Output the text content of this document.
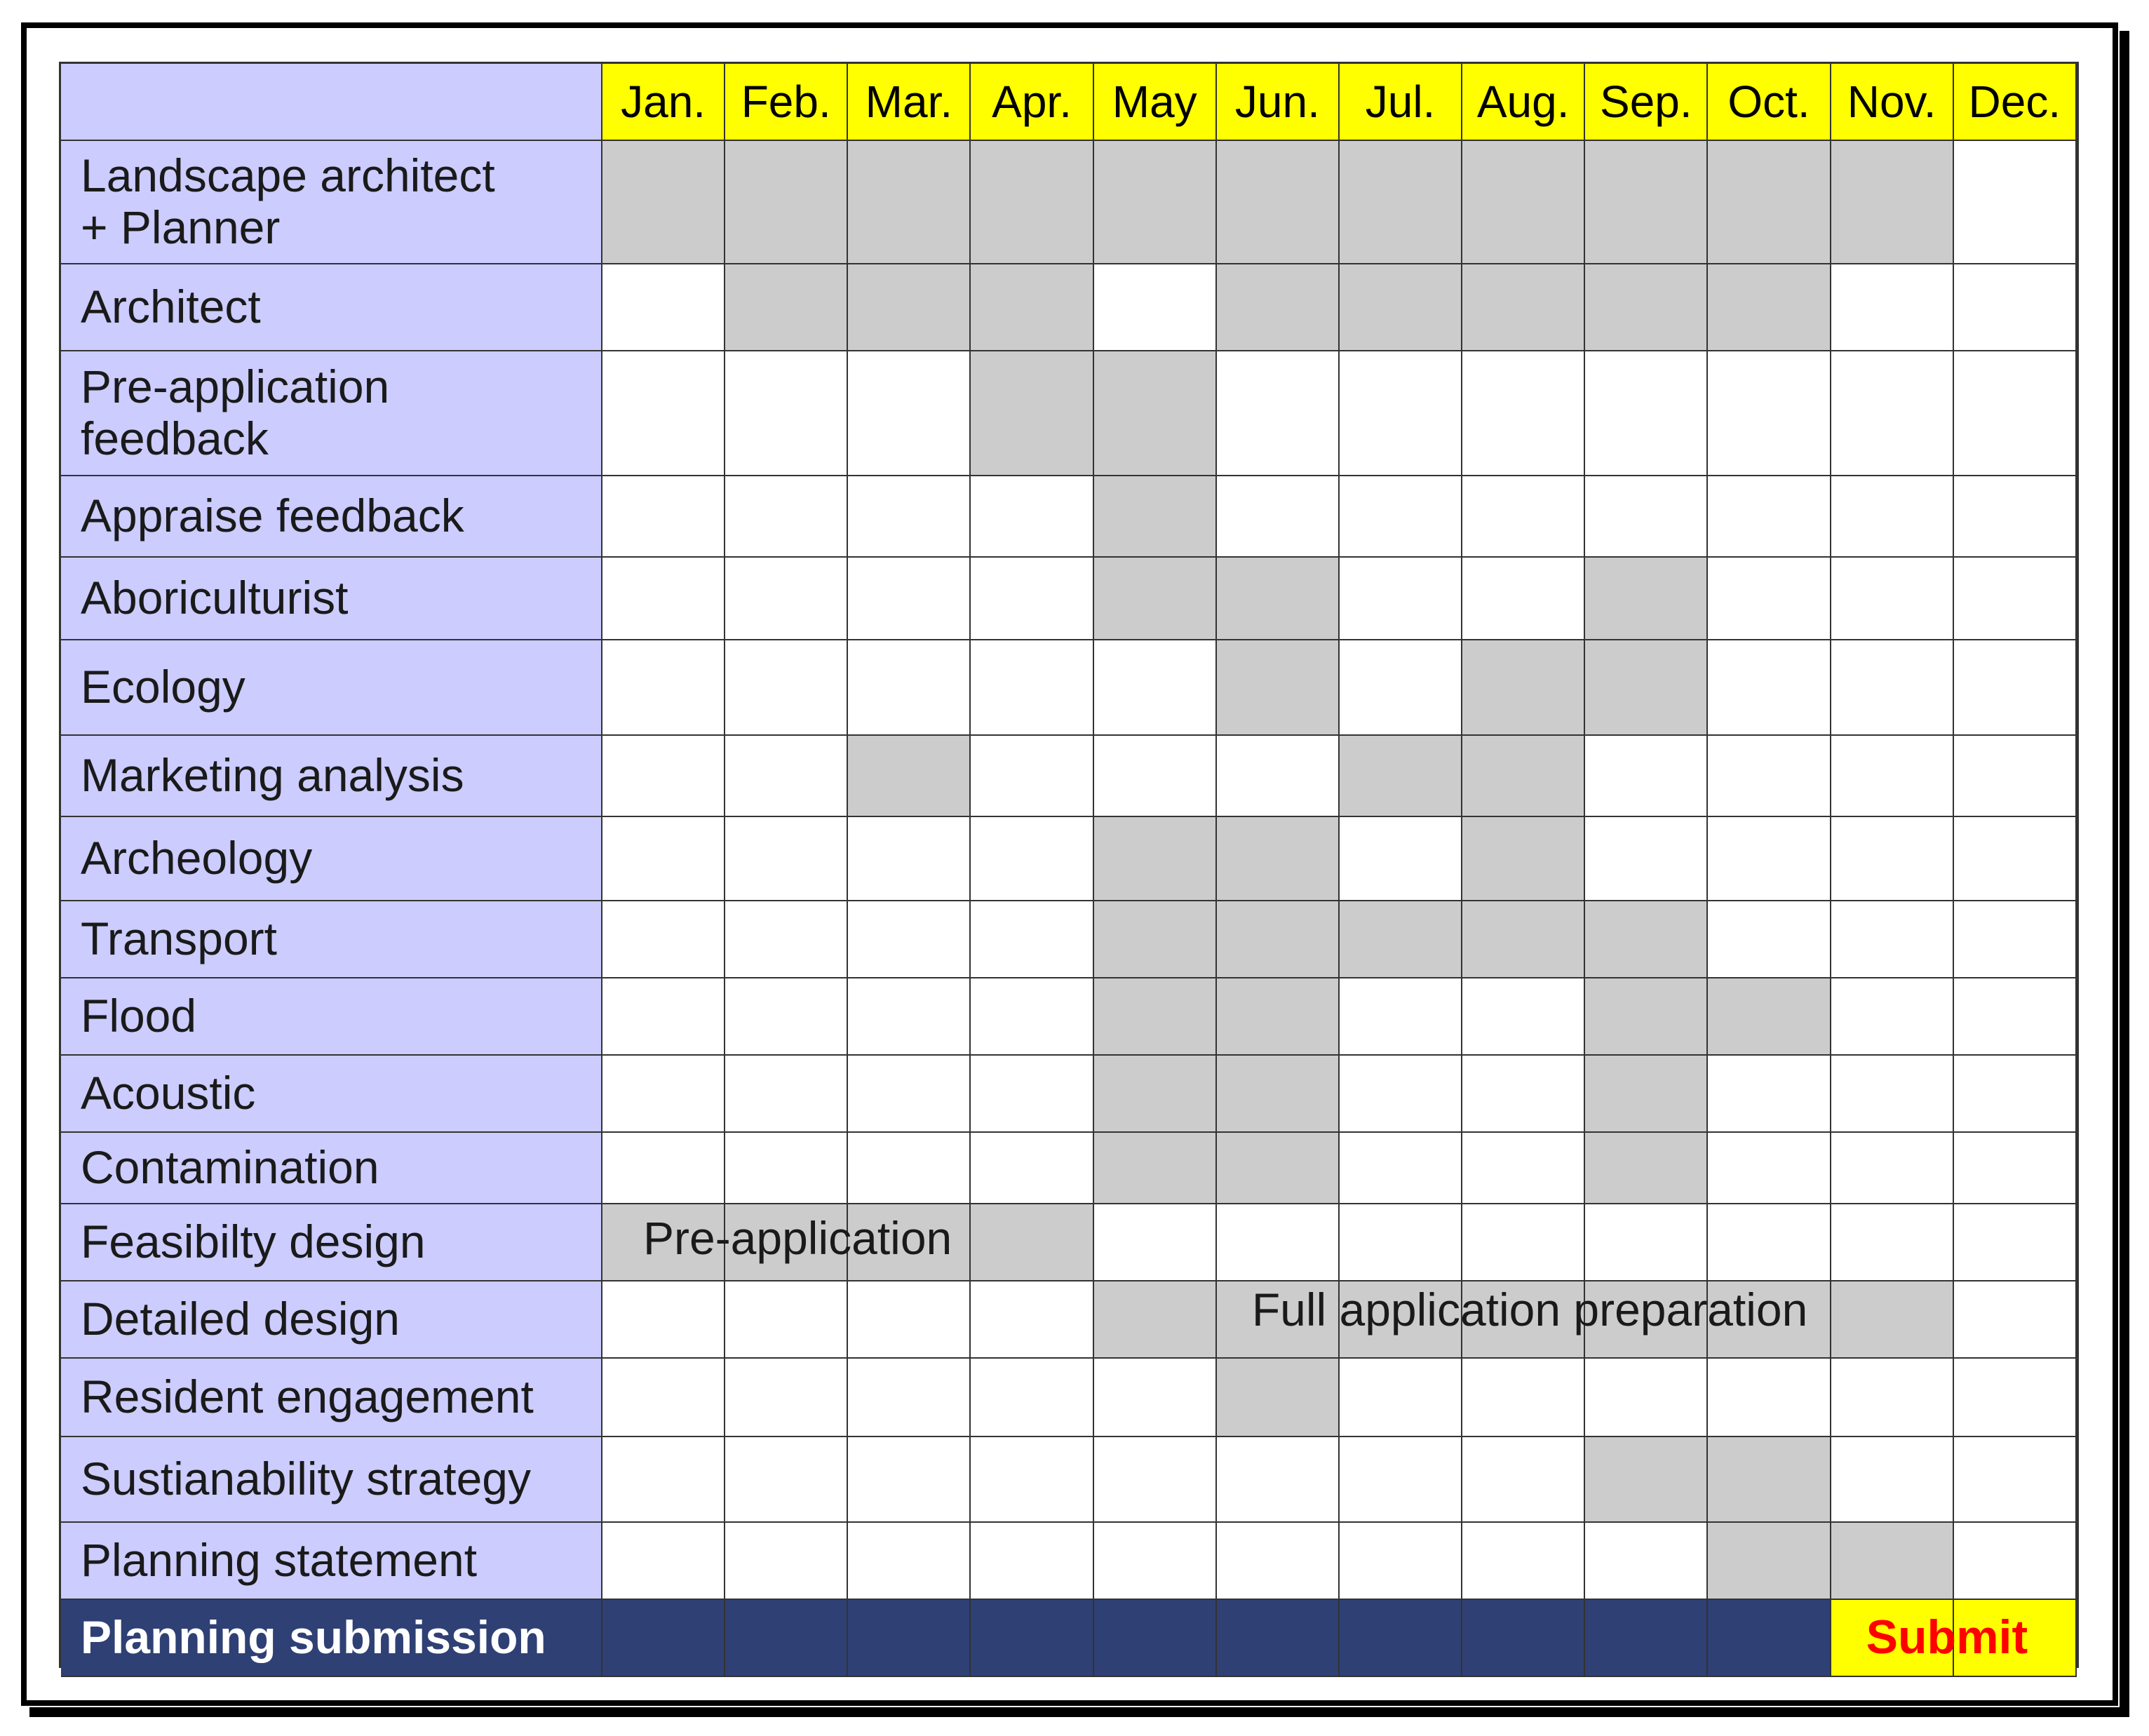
Jan. Feb. Mar. Apr. May Jun.	Jul. Aug. Sep. Oct. Nov. Dec.
Landscape architect
+ Planner
Architect
Pre-application
feedback
Appraise feedback
Aboriculturist
Ecology
Marketing analysis
Archeology
Transport
Flood
Acoustic
Contamination
Feasibilty design
Detailed design
Resident engagement
Sustianability strategy
Planning statement
Planning submission
Pre-application
Full application preparation
Submit
